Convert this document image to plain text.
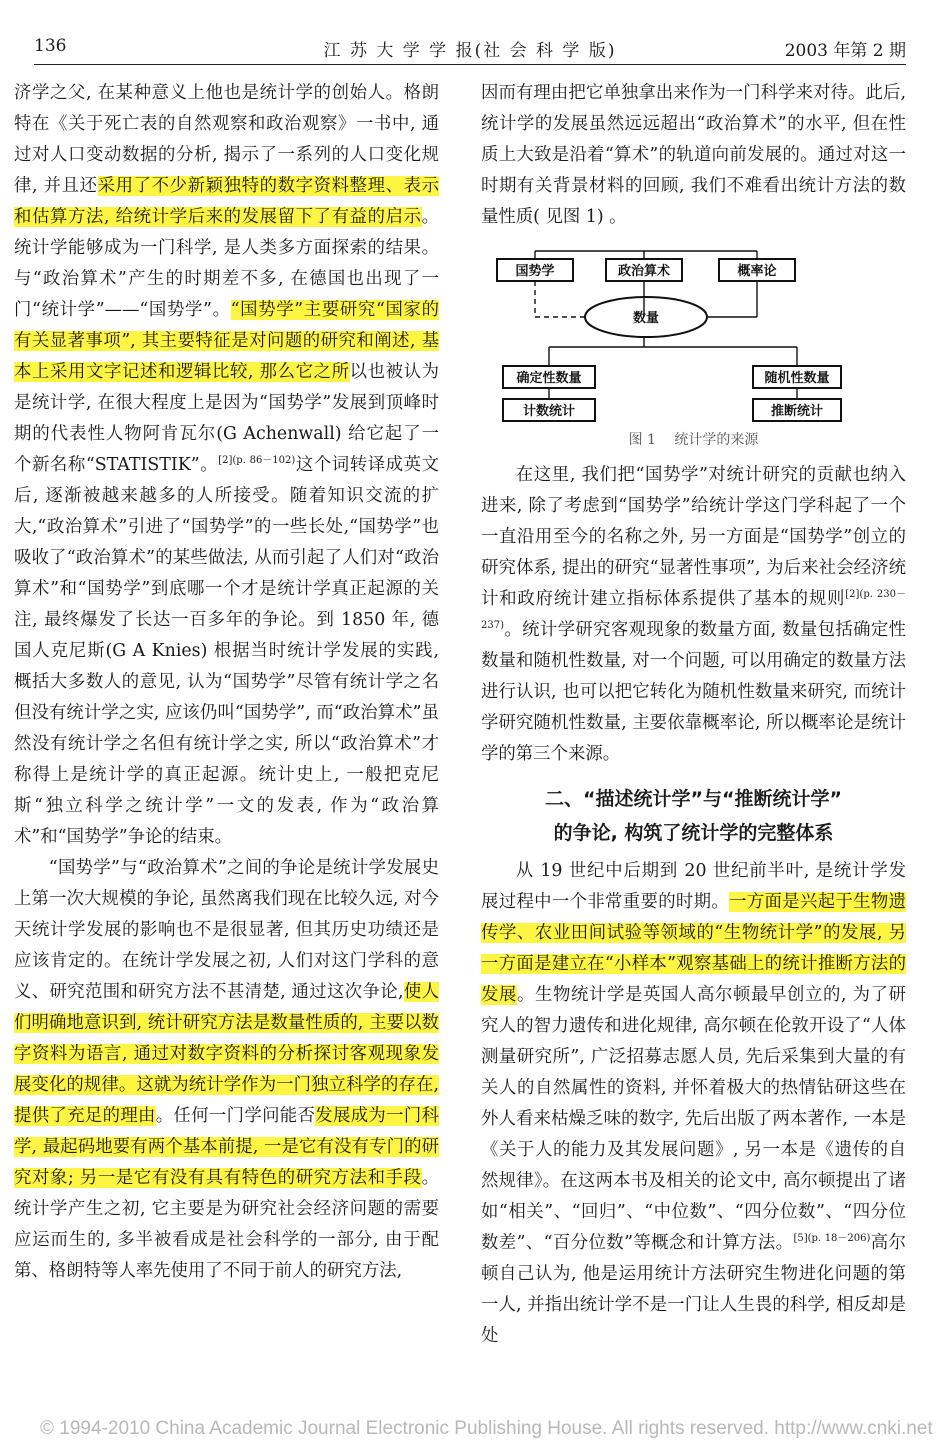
136	江 苏 大 学 学 报(社 会 科 学 版)	2003 年第 2 期

济学之父, 在某种意义上他也是统计学的创始人。格朗特在《关于死亡表的自然观察和政治观察》一书中, 通过对人口变动数据的分析, 揭示了一系列的人口变化规律, 并且还采用了不少新颖独特的数字资料整理、表示和估算方法, 给统计学后来的发展留下了有益的启示。统计学能够成为一门科学, 是人类多方面探索的结果。与“政治算术”产生的时期差不多, 在德国也出现了一门“统计学”——“国势学”。“国势学”主要研究“国家的有关显著事项”, 其主要特征是对问题的研究和阐述, 基本上采用文字记述和逻辑比较, 那么它之所以也被认为是统计学, 在很大程度上是因为“国势学”发展到顶峰时期的代表性人物阿肯瓦尔(G Achenwall) 给它起了一个新名称“STATISTIK”。$^{[2](p. 86-102)}$这个词转译成英文后, 逐渐被越来越多的人所接受。随着知识交流的扩大,“政治算术”引进了“国势学”的一些长处,“国势学”也吸收了“政治算术”的某些做法, 从而引起了人们对“政治算术”和“国势学”到底哪一个才是统计学真正起源的关注, 最终爆发了长达一百多年的争论。到 1850 年, 德国人克尼斯(G A Knies) 根据当时统计学发展的实践, 概括大多数人的意见, 认为“国势学”尽管有统计学之名但没有统计学之实, 应该仍叫“国势学”, 而“政治算术”虽然没有统计学之名但有统计学之实, 所以“政治算术”才称得上是统计学的真正起源。统计史上, 一般把克尼斯“独立科学之统计学”一文的发表, 作为“政治算术”和“国势学”争论的结束。

“国势学”与“政治算术”之间的争论是统计学发展史上第一次大规模的争论, 虽然离我们现在比较久远, 对今天统计学发展的影响也不是很显著, 但其历史功绩还是应该肯定的。在统计学发展之初, 人们对这门学科的意义、研究范围和研究方法不甚清楚, 通过这次争论,使人们明确地意识到, 统计研究方法是数量性质的, 主要以数字资料为语言, 通过对数字资料的分析探讨客观现象发展变化的规律。这就为统计学作为一门独立科学的存在, 提供了充足的理由。任何一门学问能否发展成为一门科学, 最起码地要有两个基本前提, 一是它有没有专门的研究对象; 另一是它有没有具有特色的研究方法和手段。统计学产生之初, 它主要是为研究社会经济问题的需要应运而生的, 多半被看成是社会科学的一部分, 由于配第、格朗特等人率先使用了不同于前人的研究方法,

因而有理由把它单独拿出来作为一门科学来对待。此后, 统计学的发展虽然远远超出“政治算术”的水平, 但在性质上大致是沿着“算术”的轨道向前发展的。通过对这一时期有关背景材料的回顾, 我们不难看出统计方法的数量性质( 见图 1) 。

国势学	政治算术	概率论
数量
确定性数量	随机性数量
计数统计	推断统计
图 1　 统计学的来源

在这里, 我们把“国势学”对统计研究的贡献也纳入进来, 除了考虑到“国势学”给统计学这门学科起了一个一直沿用至今的名称之外, 另一方面是“国势学”创立的研究体系, 提出的研究“显著性事项”, 为后来社会经济统计和政府统计建立指标体系提供了基本的规则$^{[2](p. 230-237)}$。统计学研究客观现象的数量方面, 数量包括确定性数量和随机性数量, 对一个问题, 可以用确定的数量方法进行认识, 也可以把它转化为随机性数量来研究, 而统计学研究随机性数量, 主要依靠概率论, 所以概率论是统计学的第三个来源。

二、“描述统计学”与“推断统计学”
的争论, 构筑了统计学的完整体系

从 19 世纪中后期到 20 世纪前半叶, 是统计学发展过程中一个非常重要的时期。一方面是兴起于生物遗传学、农业田间试验等领域的“生物统计学”的发展, 另一方面是建立在“小样本”观察基础上的统计推断方法的发展。生物统计学是英国人高尔顿最早创立的, 为了研究人的智力遗传和进化规律, 高尔顿在伦敦开设了“人体测量研究所”, 广泛招募志愿人员, 先后采集到大量的有关人的自然属性的资料, 并怀着极大的热情钻研这些在外人看来枯燥乏味的数字, 先后出版了两本著作, 一本是《关于人的能力及其发展问题》, 另一本是《遗传的自然规律》。在这两本书及相关的论文中, 高尔顿提出了诸如“相关”、“回归”、“中位数”、“四分位数”、“四分位数差”、“百分位数”等概念和计算方法。$^{[5](p. 18-206)}$高尔顿自己认为, 他是运用统计方法研究生物进化问题的第一人, 并指出统计学不是一门让人生畏的科学, 相反却是处

© 1994-2010 China Academic Journal Electronic Publishing House. All rights reserved. http://www.cnki.net
